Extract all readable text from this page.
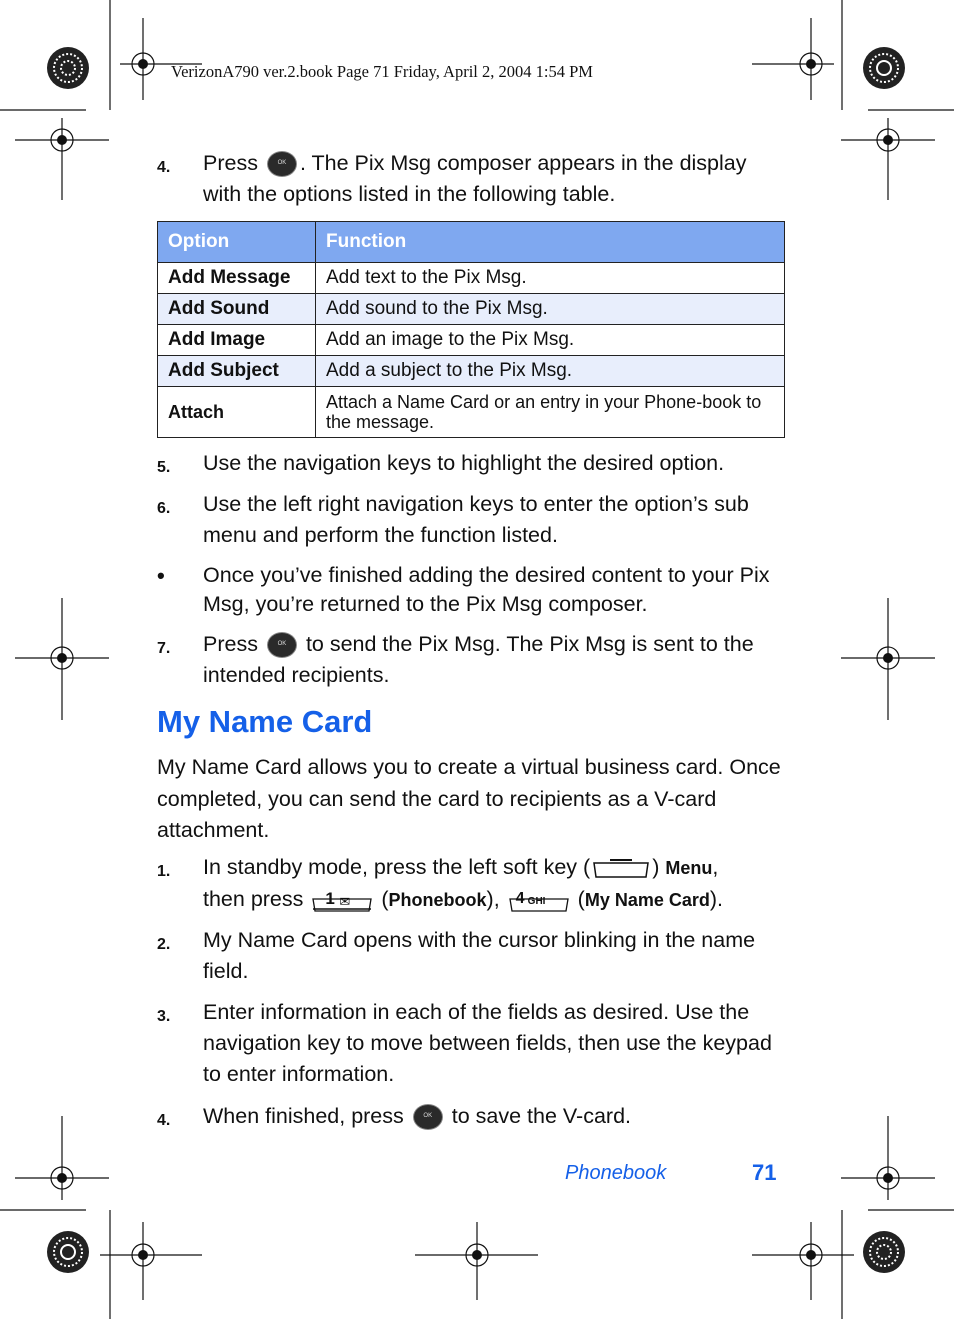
VerizonA790 ver.2.book Page 71 Friday, April 2, 2004 1:54 PM
4. Press	OK . The Pix Msg composer appears in the display with the options listed in the following table.
Option	Function
Add Message	Add text to the Pix Msg.
Add Sound	Add sound to the Pix Msg.
Add Image	Add an image to the Pix Msg.
Add Subject	Add a subject to the Pix Msg.
Attach	Attach a Name Card or an entry in your Phone-book to the message.
5. Use the navigation keys to highlight the desired option.
6. Use the left right navigation keys to enter the option’s sub menu and perform the function listed.
• Once you’ve finished adding the desired content to your Pix Msg, you’re returned to the Pix Msg composer.
7. Press	OK to send the Pix Msg. The Pix Msg is sent to the intended recipients.
My Name Card
My Name Card allows you to create a virtual business card. Once completed, you can send the card to recipients as a V-card attachment.
1. In standby mode, press the left soft key (	) Menu,
then press 1 ✉ (Phonebook), 4 GHI (My Name Card).
2. My Name Card opens with the cursor blinking in the name field.
3. Enter information in each of the fields as desired. Use the navigation key to move between fields, then use the keypad to enter information.
4. When finished, press	OK to save the V-card.
Phonebook	71
